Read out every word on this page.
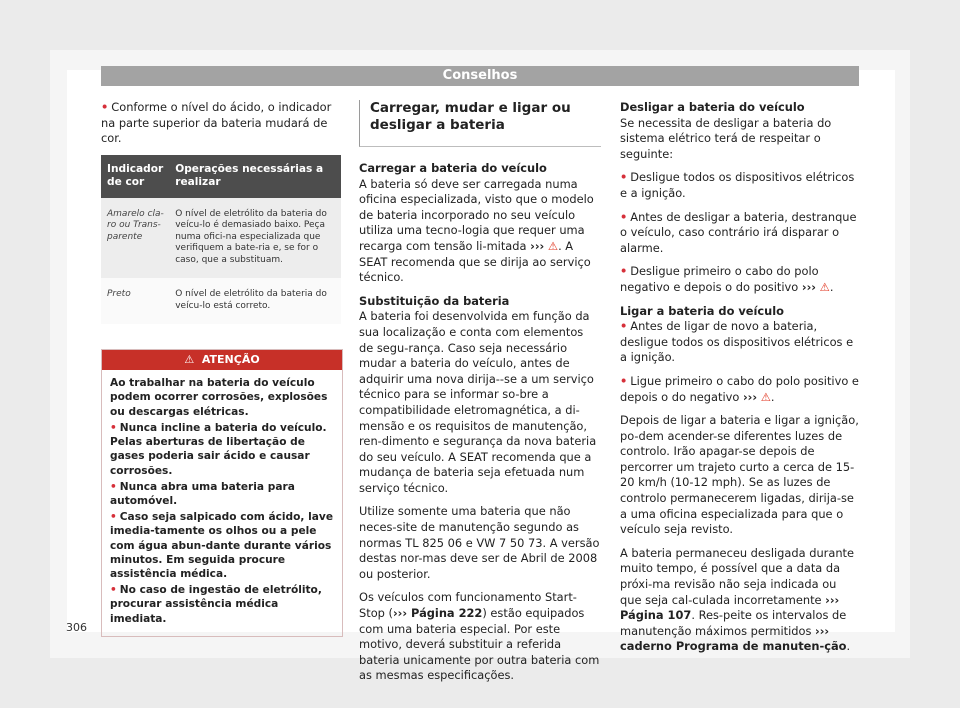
Conselhos

• Conforme o nível do ácido, o indicador na parte superior da bateria mudará de cor.

Indicador de cor	Operações necessárias a realizar
Amarelo cla-ro ou Trans-parente	O nível de eletrólito da bateria do veícu-lo é demasiado baixo. Peça numa ofici-na especializada que verifiquem a bate-ria e, se for o caso, que a substituam.
Preto	O nível de eletrólito da bateria do veícu-lo está correto.
⚠ ATENÇÃO

Ao trabalhar na bateria do veículo podem ocorrer corrosões, explosões ou descargas elétricas.

• Nunca incline a bateria do veículo. Pelas aberturas de libertação de gases poderia sair ácido e causar corrosões.

• Nunca abra uma bateria para automóvel.

• Caso seja salpicado com ácido, lave imedia-tamente os olhos ou a pele com água abun-dante durante vários minutos. Em seguida procure assistência médica.

• No caso de ingestão de eletrólito, procurar assistência médica imediata.

Carregar, mudar e ligar ou desligar a bateria
Carregar a bateria do veículo

A bateria só deve ser carregada numa oficina especializada, visto que o modelo de bateria incorporado no seu veículo utiliza uma tecno-logia que requer uma recarga com tensão li-mitada ››› ⚠. A SEAT recomenda que se dirija ao serviço técnico.

Substituição da bateria

A bateria foi desenvolvida em função da sua localização e conta com elementos de segu-rança. Caso seja necessário mudar a bateria do veículo, antes de adquirir uma nova dirija--se a um serviço técnico para se informar so-bre a compatibilidade eletromagnética, a di-mensão e os requisitos de manutenção, ren-dimento e segurança da nova bateria do seu veículo. A SEAT recomenda que a mudança de bateria seja efetuada num serviço técnico.

Utilize somente uma bateria que não neces-site de manutenção segundo as normas TL 825 06 e VW 7 50 73. A versão destas nor-mas deve ser de Abril de 2008 ou posterior.

Os veículos com funcionamento Start-Stop (››› Página 222) estão equipados com uma bateria especial. Por este motivo, deverá substituir a referida bateria unicamente por outra bateria com as mesmas especificações.

Desligar a bateria do veículo

Se necessita de desligar a bateria do sistema elétrico terá de respeitar o seguinte:

• Desligue todos os dispositivos elétricos e a ignição.

• Antes de desligar a bateria, destranque o veículo, caso contrário irá disparar o alarme.

• Desligue primeiro o cabo do polo negativo e depois o do positivo ››› ⚠.

Ligar a bateria do veículo

• Antes de ligar de novo a bateria, desligue todos os dispositivos elétricos e a ignição.

• Ligue primeiro o cabo do polo positivo e depois o do negativo ››› ⚠.

Depois de ligar a bateria e ligar a ignição, po-dem acender-se diferentes luzes de controlo. Irão apagar-se depois de percorrer um trajeto curto a cerca de 15-20 km/h (10-12 mph). Se as luzes de controlo permanecerem ligadas, dirija-se a uma oficina especializada para que o veículo seja revisto.

A bateria permaneceu desligada durante muito tempo, é possível que a data da próxi-ma revisão não seja indicada ou que seja cal-culada incorretamente ››› Página 107. Res-peite os intervalos de manutenção máximos permitidos ››› caderno Programa de manuten-ção.

306
